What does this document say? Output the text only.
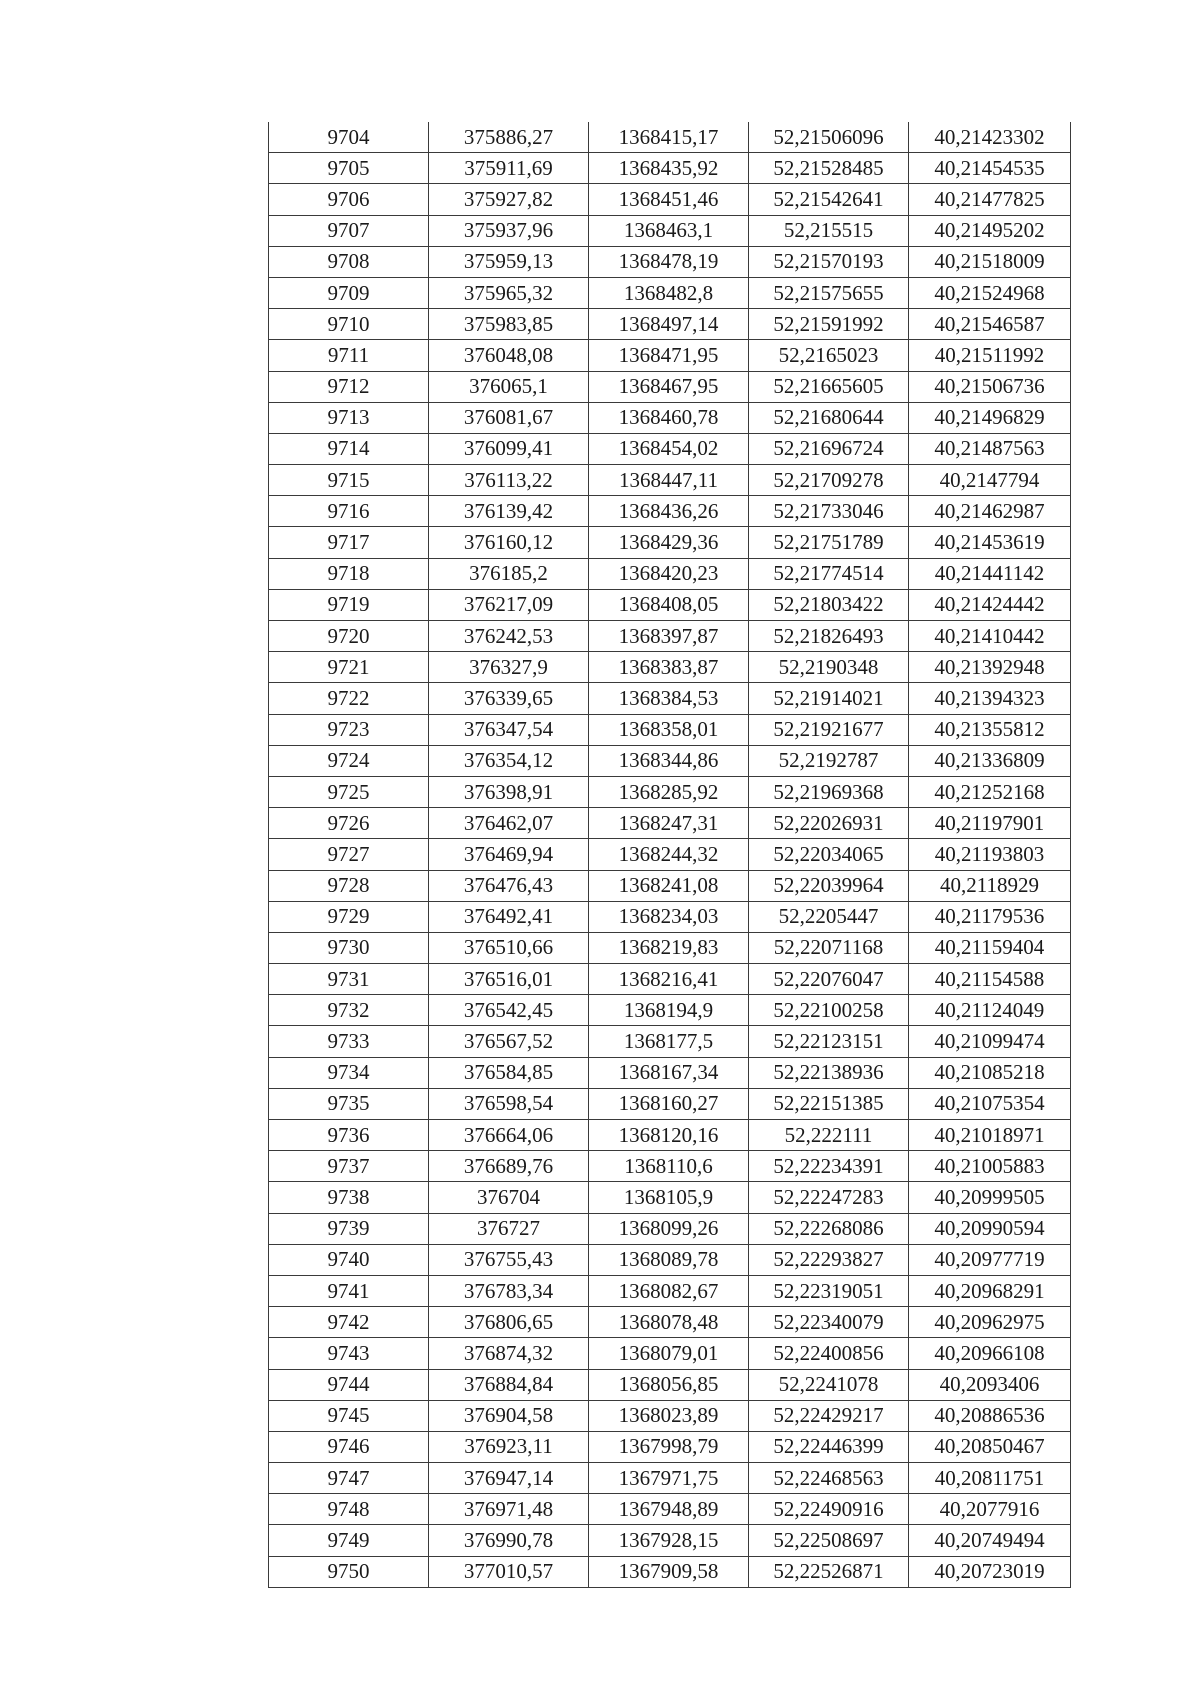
9704	375886,27	1368415,17	52,21506096	40,21423302
9705	375911,69	1368435,92	52,21528485	40,21454535
9706	375927,82	1368451,46	52,21542641	40,21477825
9707	375937,96	1368463,1	52,215515	40,21495202
9708	375959,13	1368478,19	52,21570193	40,21518009
9709	375965,32	1368482,8	52,21575655	40,21524968
9710	375983,85	1368497,14	52,21591992	40,21546587
9711	376048,08	1368471,95	52,2165023	40,21511992
9712	376065,1	1368467,95	52,21665605	40,21506736
9713	376081,67	1368460,78	52,21680644	40,21496829
9714	376099,41	1368454,02	52,21696724	40,21487563
9715	376113,22	1368447,11	52,21709278	40,2147794
9716	376139,42	1368436,26	52,21733046	40,21462987
9717	376160,12	1368429,36	52,21751789	40,21453619
9718	376185,2	1368420,23	52,21774514	40,21441142
9719	376217,09	1368408,05	52,21803422	40,21424442
9720	376242,53	1368397,87	52,21826493	40,21410442
9721	376327,9	1368383,87	52,2190348	40,21392948
9722	376339,65	1368384,53	52,21914021	40,21394323
9723	376347,54	1368358,01	52,21921677	40,21355812
9724	376354,12	1368344,86	52,2192787	40,21336809
9725	376398,91	1368285,92	52,21969368	40,21252168
9726	376462,07	1368247,31	52,22026931	40,21197901
9727	376469,94	1368244,32	52,22034065	40,21193803
9728	376476,43	1368241,08	52,22039964	40,2118929
9729	376492,41	1368234,03	52,2205447	40,21179536
9730	376510,66	1368219,83	52,22071168	40,21159404
9731	376516,01	1368216,41	52,22076047	40,21154588
9732	376542,45	1368194,9	52,22100258	40,21124049
9733	376567,52	1368177,5	52,22123151	40,21099474
9734	376584,85	1368167,34	52,22138936	40,21085218
9735	376598,54	1368160,27	52,22151385	40,21075354
9736	376664,06	1368120,16	52,222111	40,21018971
9737	376689,76	1368110,6	52,22234391	40,21005883
9738	376704	1368105,9	52,22247283	40,20999505
9739	376727	1368099,26	52,22268086	40,20990594
9740	376755,43	1368089,78	52,22293827	40,20977719
9741	376783,34	1368082,67	52,22319051	40,20968291
9742	376806,65	1368078,48	52,22340079	40,20962975
9743	376874,32	1368079,01	52,22400856	40,20966108
9744	376884,84	1368056,85	52,2241078	40,2093406
9745	376904,58	1368023,89	52,22429217	40,20886536
9746	376923,11	1367998,79	52,22446399	40,20850467
9747	376947,14	1367971,75	52,22468563	40,20811751
9748	376971,48	1367948,89	52,22490916	40,2077916
9749	376990,78	1367928,15	52,22508697	40,20749494
9750	377010,57	1367909,58	52,22526871	40,20723019
